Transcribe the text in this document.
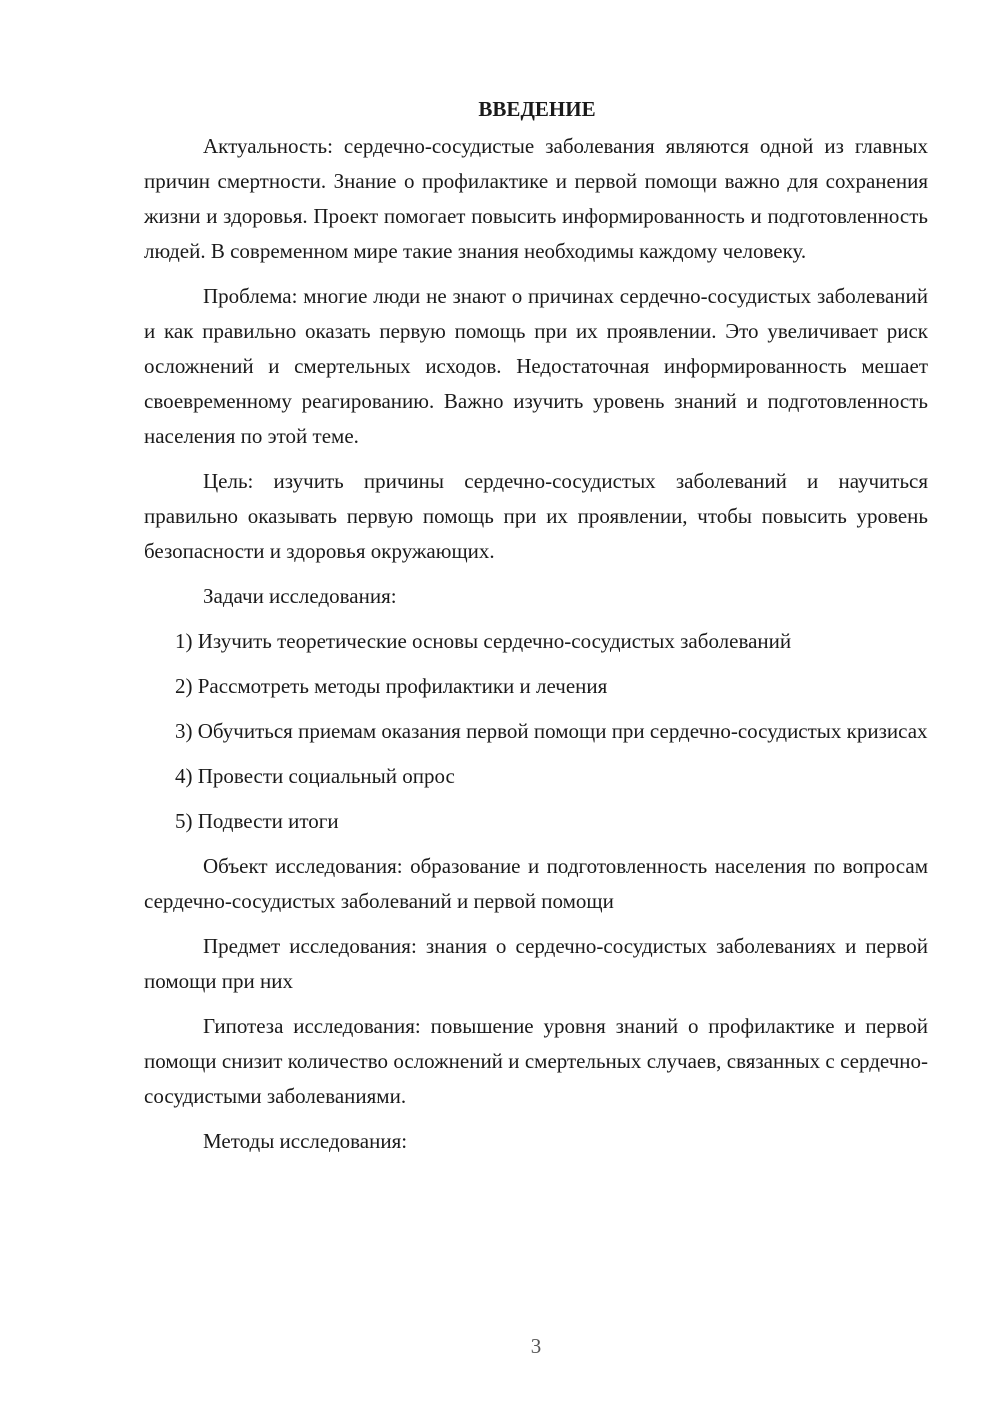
ВВЕДЕНИЕ

Актуальность: сердечно-сосудистые заболевания являются одной из главных причин смертности. Знание о профилактике и первой помощи важно для сохранения жизни и здоровья. Проект помогает повысить информированность и подготовленность людей. В современном мире такие знания необходимы каждому человеку.

Проблема: многие люди не знают о причинах сердечно-сосудистых заболеваний и как правильно оказать первую помощь при их проявлении. Это увеличивает риск осложнений и смертельных исходов. Недостаточная информированность мешает своевременному реагированию. Важно изучить уровень знаний и подготовленность населения по этой теме.

Цель: изучить причины сердечно-сосудистых заболеваний и научиться правильно оказывать первую помощь при их проявлении, чтобы повысить уровень безопасности и здоровья окружающих.

Задачи исследования:

1) Изучить теоретические основы сердечно-сосудистых заболеваний

2) Рассмотреть методы профилактики и лечения

3) Обучиться приемам оказания первой помощи при сердечно-сосудистых кризисах

4) Провести социальный опрос

5) Подвести итоги

Объект исследования: образование и подготовленность населения по вопросам сердечно-сосудистых заболеваний и первой помощи

Предмет исследования: знания о сердечно-сосудистых заболеваниях и первой помощи при них

Гипотеза исследования: повышение уровня знаний о профилактике и первой помощи снизит количество осложнений и смертельных случаев, связанных с сердечно-сосудистыми заболеваниями.

Методы исследования:

3
